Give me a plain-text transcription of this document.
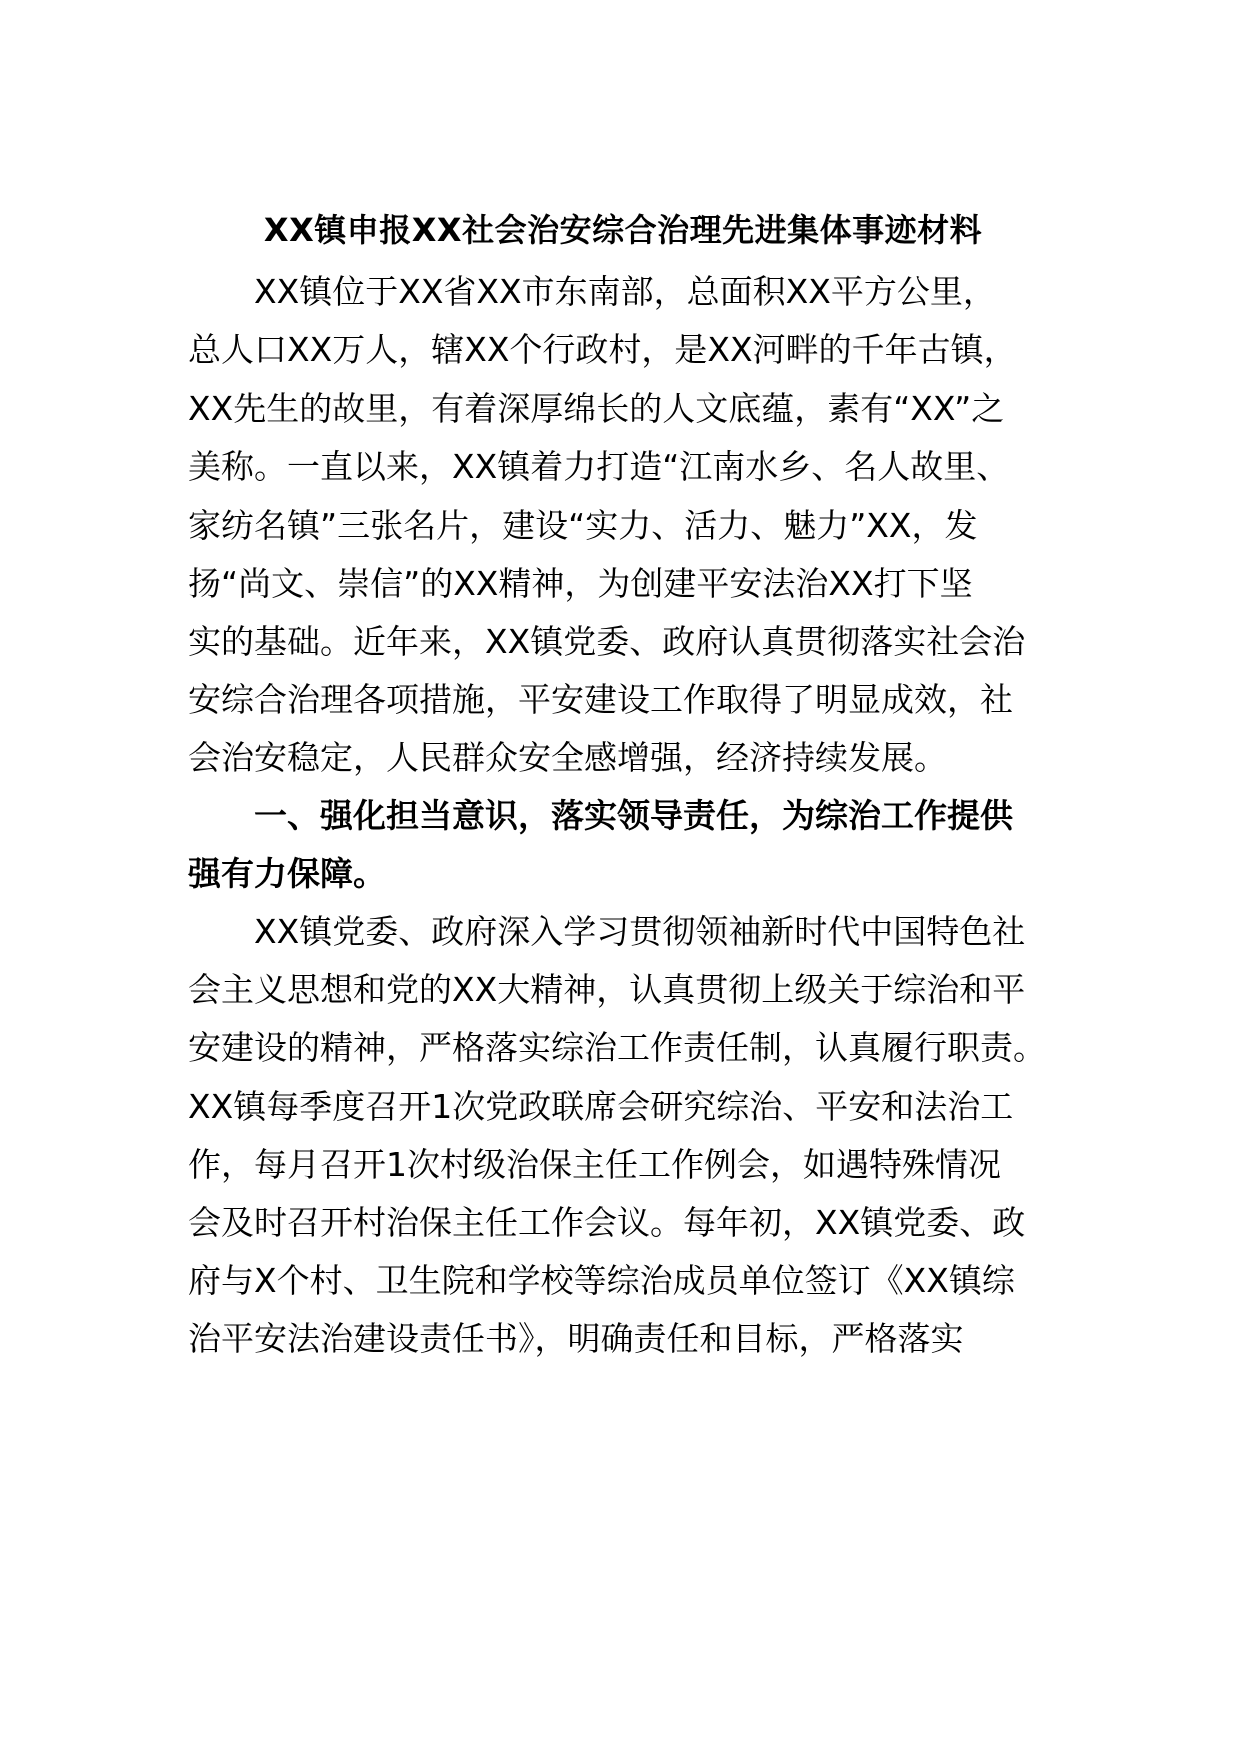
XX镇申报XX社会治安综合治理先进集体事迹材料
XX镇位于XX省XX市东南部，总面积XX平方公里，
总人口XX万人，辖XX个行政村，是XX河畔的千年古镇，
XX先生的故里，有着深厚绵长的人文底蕴，素有“XX”之
美称。一直以来，XX镇着力打造“江南水乡、名人故里、
家纺名镇”三张名片，建设“实力、活力、魅力”XX，发
扬“尚文、崇信”的XX精神，为创建平安法治XX打下坚
实的基础。近年来，XX镇党委、政府认真贯彻落实社会治
安综合治理各项措施，平安建设工作取得了明显成效，社
会治安稳定，人民群众安全感增强，经济持续发展。
一、强化担当意识，落实领导责任，为综治工作提供
强有力保障。
XX镇党委、政府深入学习贯彻领袖新时代中国特色社
会主义思想和党的XX大精神，认真贯彻上级关于综治和平
安建设的精神，严格落实综治工作责任制，认真履行职责。
XX镇每季度召开1次党政联席会研究综治、平安和法治工
作，每月召开1次村级治保主任工作例会，如遇特殊情况
会及时召开村治保主任工作会议。每年初，XX镇党委、政
府与X个村、卫生院和学校等综治成员单位签订《XX镇综
治平安法治建设责任书》，明确责任和目标，严格落实
